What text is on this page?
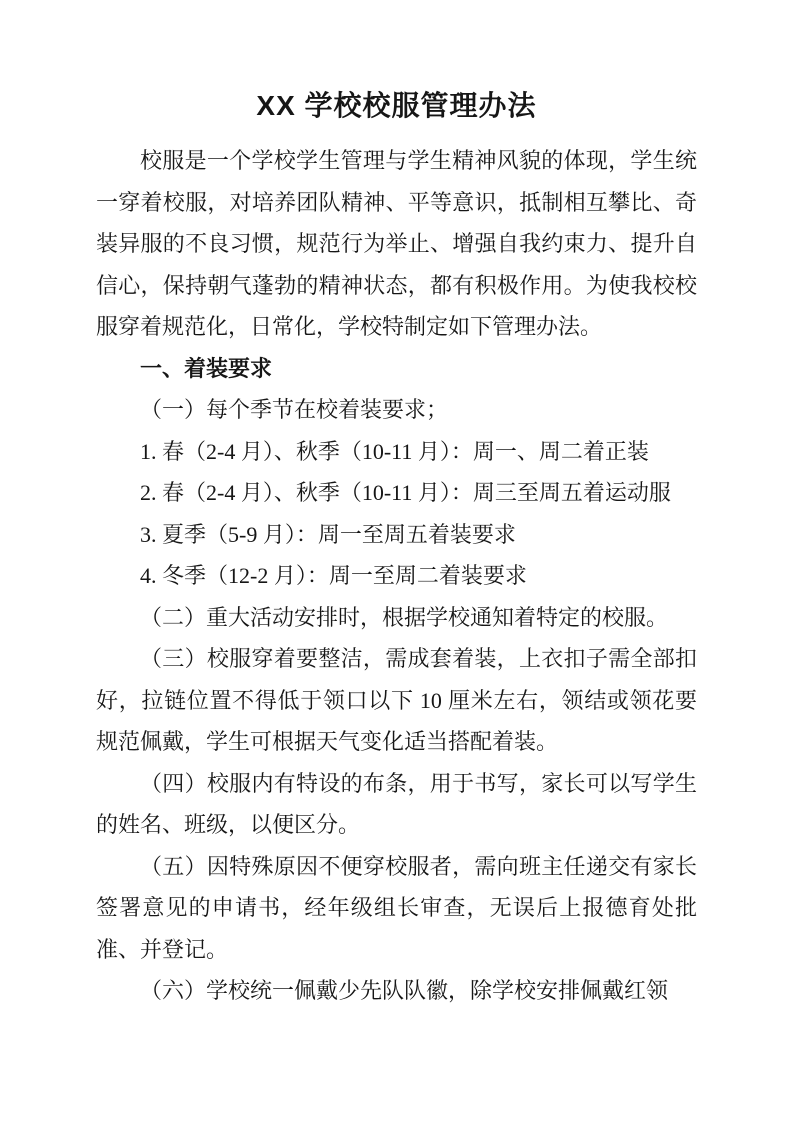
XX 学校校服管理办法

校服是一个学校学生管理与学生精神风貌的体现，学生统一穿着校服，对培养团队精神、平等意识，抵制相互攀比、奇装异服的不良习惯，规范行为举止、增强自我约束力、提升自信心，保持朝气蓬勃的精神状态，都有积极作用。为使我校校服穿着规范化，日常化，学校特制定如下管理办法。

一、着装要求

（一）每个季节在校着装要求；

1. 春（2-4 月）、秋季（10-11 月）：周一、周二着正装

2. 春（2-4 月）、秋季（10-11 月）：周三至周五着运动服

3. 夏季（5-9 月）：周一至周五着装要求

4. 冬季（12-2 月）：周一至周二着装要求

（二）重大活动安排时，根据学校通知着特定的校服。

（三）校服穿着要整洁，需成套着装，上衣扣子需全部扣好，拉链位置不得低于领口以下 10 厘米左右，领结或领花要规范佩戴，学生可根据天气变化适当搭配着装。

（四）校服内有特设的布条，用于书写，家长可以写学生的姓名、班级，以便区分。

（五）因特殊原因不便穿校服者，需向班主任递交有家长签署意见的申请书，经年级组长审查，无误后上报德育处批准、并登记。

（六）学校统一佩戴少先队队徽，除学校安排佩戴红领
